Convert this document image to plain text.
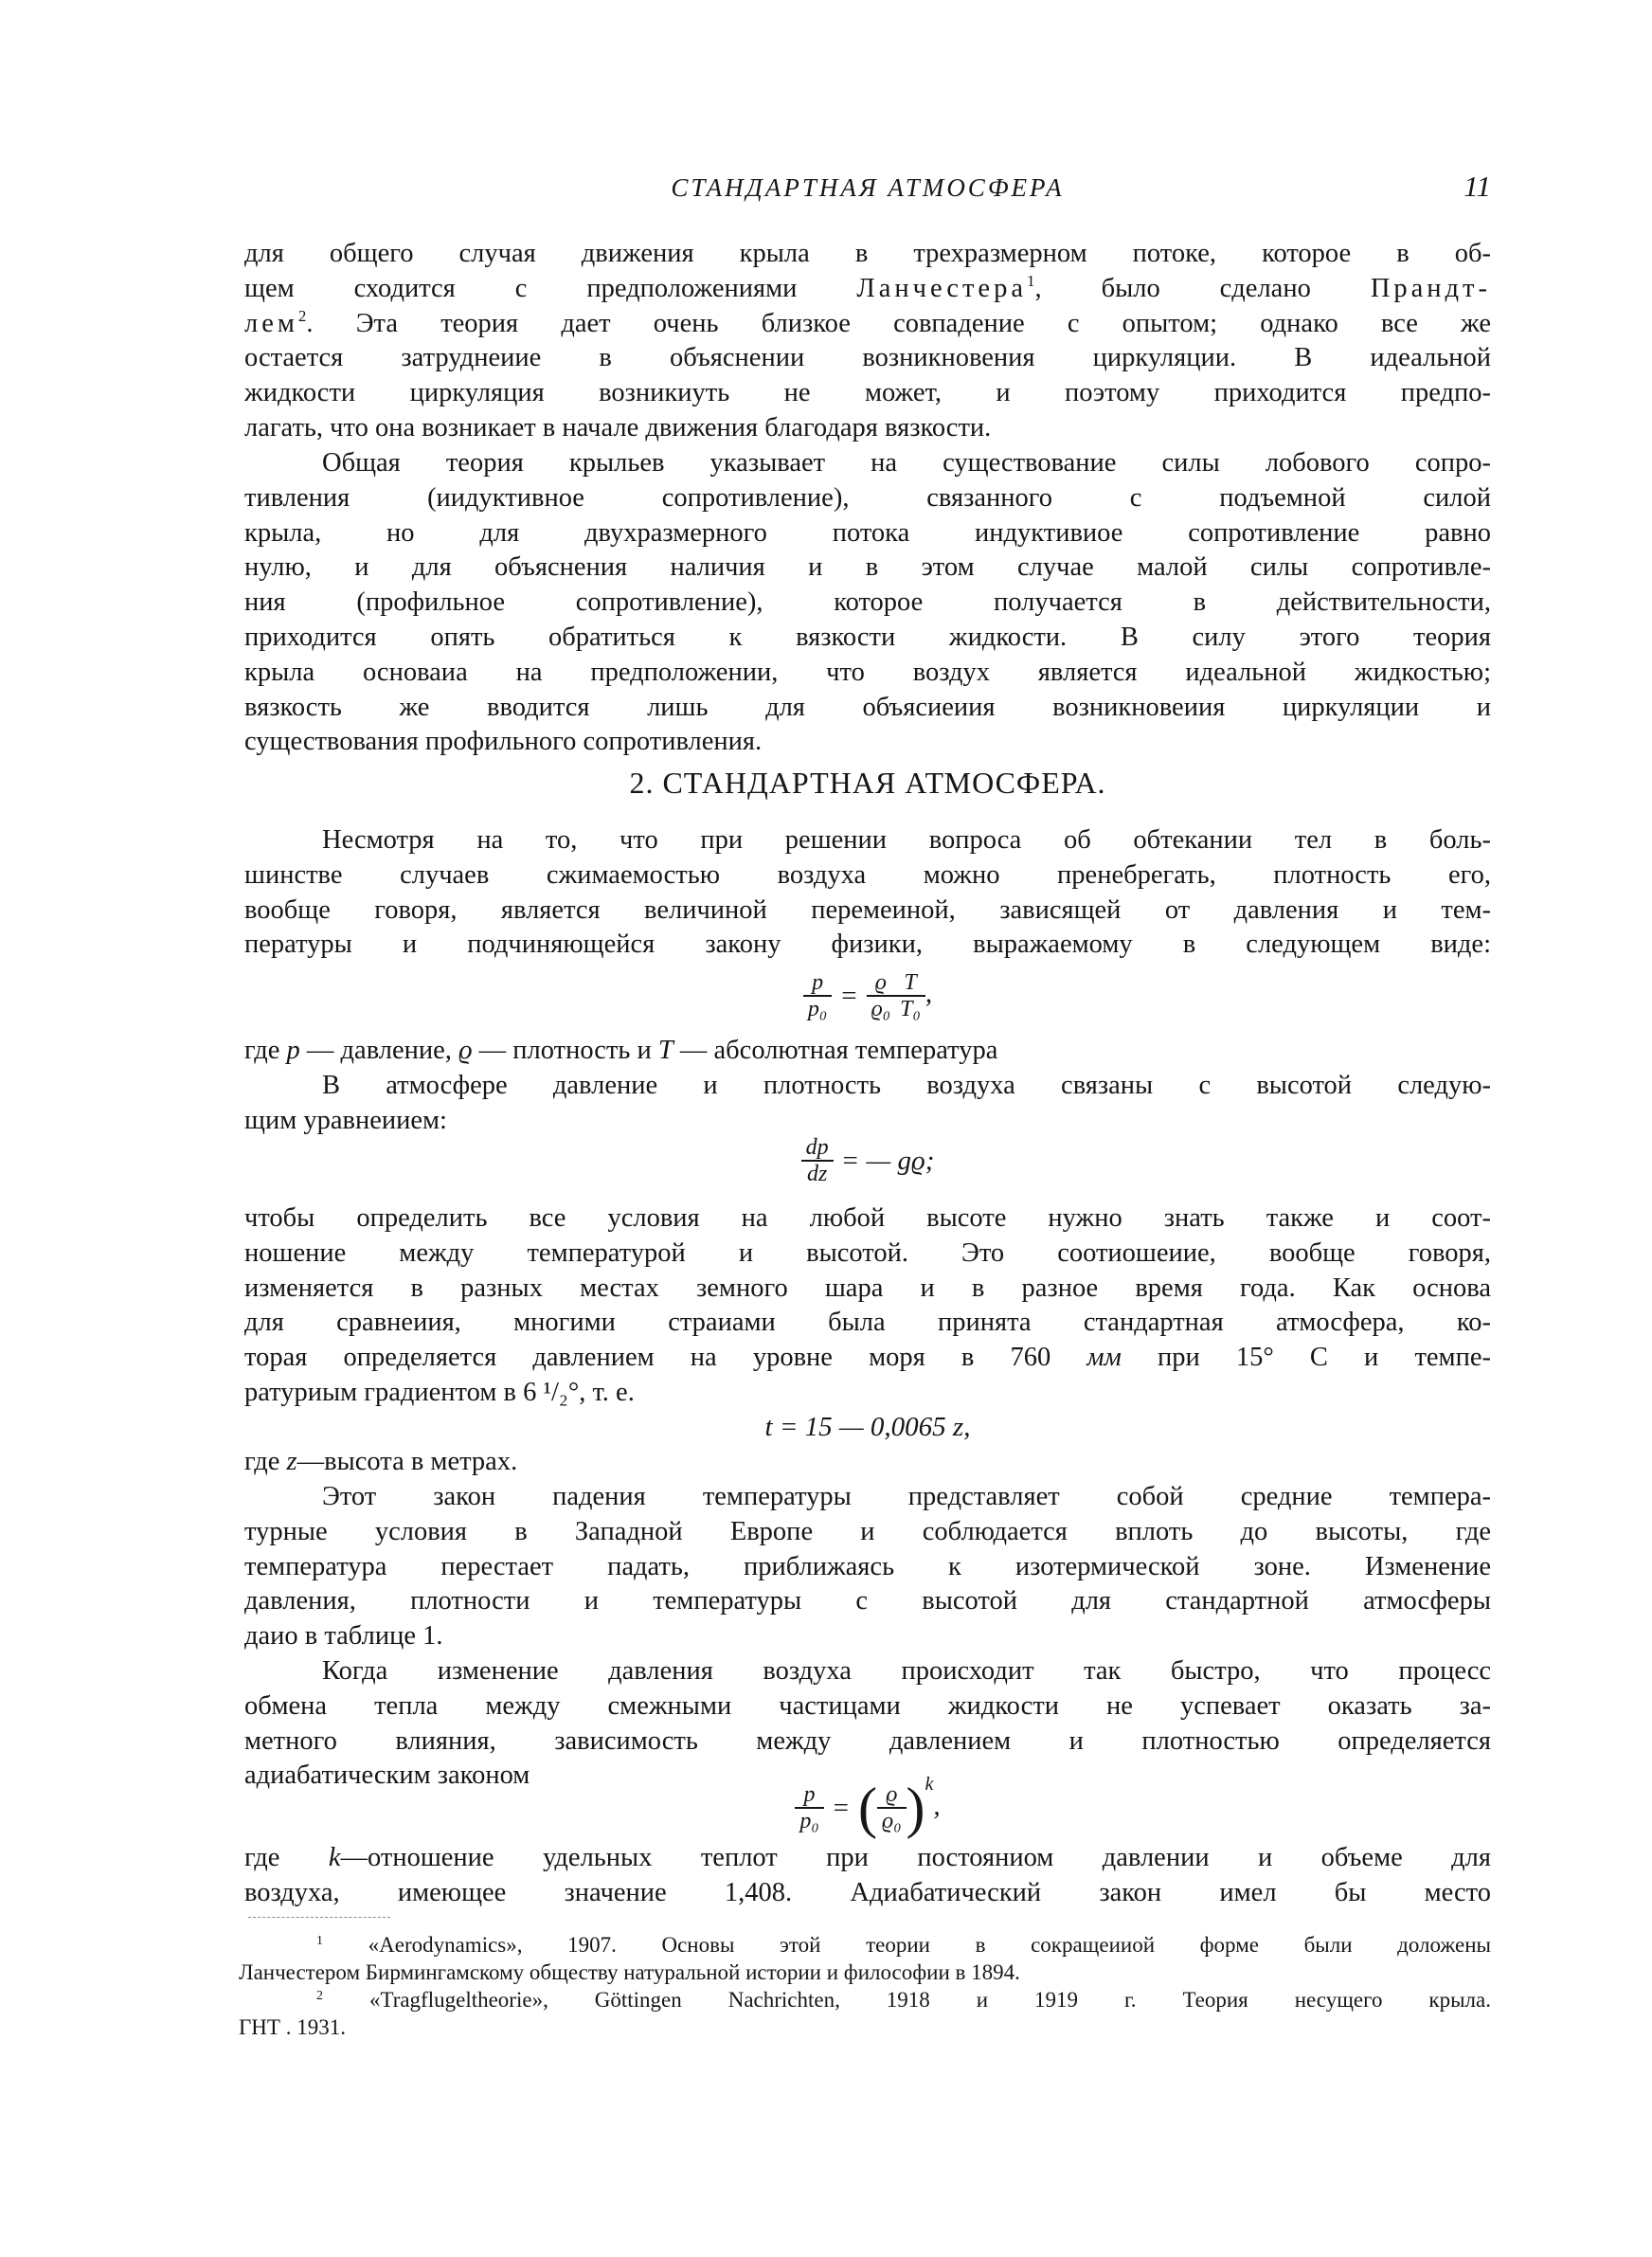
СТАНДАРТНАЯ АТМОСФЕРА	11

для общего случая движения крыла в трехразмерном потоке, которое в об-

щем сходится с предположениями Ланчестера$^1$, было сделано Прандт-

лем$^2$. Эта теория дает очень близкое совпадение с опытом; однако все же

остается затруднеиие в объяснении возникновения циркуляции. В идеальной

жидкости циркуляция возникиуть не может, и поэтому приходится предпо-

лагать, что она возникает в начале движения благодаря вязкости.

Общая теория крыльев указывает на существование силы лобового сопро-

тивления (иидуктивное сопротивление), связанного с подъемной силой

крыла, но для двухразмерного потока индуктивиое сопротивление равно

нулю, и для объяснения наличия и в этом случае малой силы сопротивле-

ния (профильное сопротивление), которое получается в действительности,

приходится опять обратиться к вязкости жидкости. В силу этого теория

крыла основаиа на предположении, что воздух является идеальной жидкостью;

вязкость же вводится лишь для объясиеиия возникновеиия циркуляции и

существования профильного сопротивления.

2. СТАНДАРТНАЯ АТМОСФЕРА.

Несмотря на то, что при решении вопроса об обтекании тел в боль-

шинстве случаев сжимаемостью воздуха можно пренебрегать, плотность его,

вообще говоря, является величиной перемеиной, зависящей от давления и тем-

пературы и подчиняющейся закону физики, выражаемому в следующем виде:

$\frac{p}{\text{p₀}} = \frac{ϱ}{\text{ϱ₀}} \frac{T}{\text{T₀}}$ ,

где p — давление, ϱ — плотность и T — абсолютная температура

В атмосфере давление и плотность воздуха связаны с высотой следую-

щим уравнеиием:

$\frac{dp}{dz}$ = — gϱ;

чтобы определить все условия на любой высоте нужно знать также и соот-

ношение между температурой и высотой. Это соотиошеиие, вообще говоря,

изменяется в разных местах земного шара и в разное время года. Как основа

для сравнеиия, многими страиами была принята стандартная атмосфера, ко-

торая определяется давлением на уровне моря в 760 мм при 15° С и темпе-

ратуриым градиентом в 6 ¹/₂°, т. е.

t = 15 — 0,0065 z,

где z—высота в метрах.

Этот закон падения температуры представляет собой средние темпера-

турные условия в Западной Европе и соблюдается вплоть до высоты, где

температура перестает падать, приближаясь к изотермической зоне. Изменение

давления, плотности и температуры с высотой для стандартной атмосферы

даио в таблице 1.

Когда изменение давления воздуха происходит так быстро, что процесс

обмена тепла между смежными частицами жидкости не успевает оказать за-

метного влияния, зависимость между давлением и плотностью определяется

адиабатическим законом

$\frac{p}{\text{p₀}}$ = ( $\frac{ϱ}{\text{ϱ₀}} )k$,

где k—отношение удельных теплот при постояниом давлении и объеме для

воздуха, имеющее значение 1,408. Адиабатический закон имел бы место

$^1$ «Aerodynamics», 1907. Основы этой теории в сокращеииой форме были доложены

Ланчестером Бирмингамскому обществу натуральной истории и философии в 1894.

$^2$ «Tragflugeltheorie», Göttingen Nachrichten, 1918 и 1919 г. Теория несущего крыла.

ГНТ . 1931.
